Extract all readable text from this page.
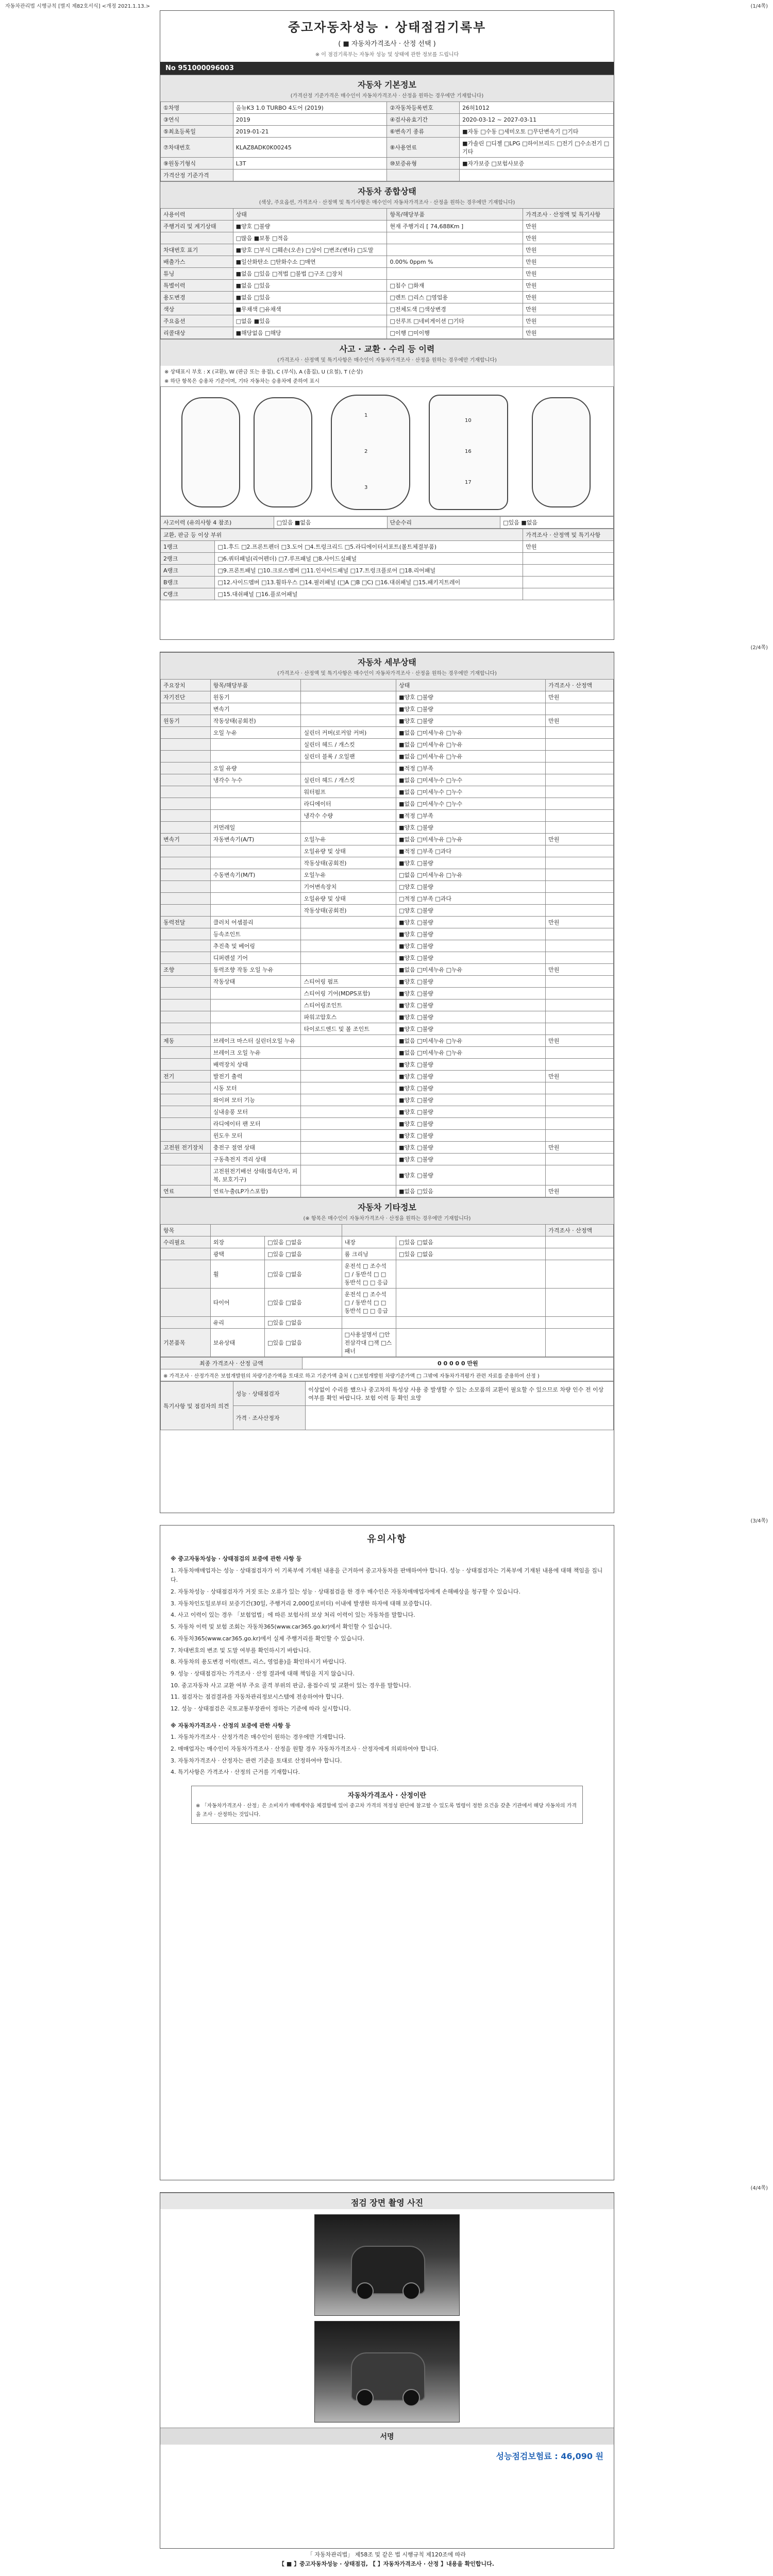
자동차관리법 시행규칙 [별지 제82호서식] <개정 2021.1.13.>	(1/4쪽)
중고자동차성능 · 상태점검기록부
( ■ 자동차가격조사 · 산정 선택 )
※ 이 점검기록부는 자동차 성능 및 상태에 관한 정보를 드립니다
No 951000096003
자동차 기본정보
(가격산정 기준가격은 매수인이 자동차가격조사 · 산정을 원하는 경우에만 기재합니다)
①차명	올뉴K3 1.0 TURBO 4도어 (2019)	②자동차등록번호	26허1012
③연식	2019	④검사유효기간	2020-03-12 ~ 2027-03-11
⑤최초등록일	2019-01-21	⑥변속기 종류	■자동 □수동 □세미오토 □무단변속기 □기타
⑦차대번호	KLAZ8ADK0K00245	⑧사용연료	■가솔린 □디젤 □LPG □하이브리드 □전기 □수소전기 □기타
⑨원동기형식	L3T	⑩보증유형	■자가보증 □보험사보증
가격산정 기준가격			
자동차 종합상태
(색상, 주요옵션, 가격조사 · 산정액 및 특기사항은 매수인이 자동차가격조사 · 산정을 원하는 경우에만 기재합니다)
사용이력	상태	항목/해당부품	가격조사 · 산정액 및 특기사항
주행거리 및 계기상태	■양호 □불량	현재 주행거리 [ 74,688Km ]	만원
	□많음 ■보통 □적음		만원
차대번호 표기	■양호 □부식 □훼손(오손) □상이 □변조(변타) □도말		만원
배출가스	■일산화탄소 □탄화수소 □매연	0.00% 0ppm %	만원
튜닝	■없음 □있음 □적법 □불법 □구조 □장치		만원
특별이력	■없음 □있음	□침수 □화재	만원
용도변경	■없음 □있음	□렌트 □리스 □영업용	만원
색상	■무채색 □유채색	□전체도색 □색상변경	만원
주요옵션	□없음 ■있음	□선루프 □네비게이션 □기타	만원
리콜대상	■해당없음 □해당	□이행 □미이행	만원
사고 · 교환 · 수리 등 이력
(가격조사 · 산정액 및 특기사항은 매수인이 자동차가격조사 · 산정을 원하는 경우에만 기재합니다)
※ 상태표시 부호 : X (교환), W (판금 또는 용접), C (부식), A (흠집), U (요철), T (손상)
※ 하단 항목은 승용차 기준이며, 기타 자동차는 승용차에 준하여 표시
1
2
3
10
16
17
사고이력 (유의사항 4 참조)	□있음 ■없음	단순수리	□있음 ■없음
교환, 판금 등 이상 부위		가격조사 · 산정액 및 특기사항
1랭크	□1.후드 □2.프론트펜더 □3.도어 □4.트렁크리드 □5.라디에이터서포트(볼트체결부품)	만원
2랭크	□6.쿼터패널(리어펜더) □7.루프패널 □8.사이드실패널	
A랭크	□9.프론트패널 □10.크로스멤버 □11.인사이드패널 □17.트렁크플로어 □18.리어패널	
B랭크	□12.사이드멤버 □13.휠하우스 □14.필러패널 (□A □B □C) □16.대쉬패널 □15.패키지트레이	
C랭크	□15.대쉬패널 □16.플로어패널	
(2/4쪽)
자동차 세부상태
(가격조사 · 산정액 및 특기사항은 매수인이 자동차가격조사 · 산정을 원하는 경우에만 기재합니다)
주요장치	항목/해당부품		상태	가격조사 · 산정액
자기진단	원동기		■양호 □불량	만원
	변속기		■양호 □불량	
원동기	작동상태(공회전)		■양호 □불량	만원
	오일 누유	실린더 커버(로커암 커버)	■없음 □미세누유 □누유	
		실린더 헤드 / 개스킷	■없음 □미세누유 □누유	
		실린더 블록 / 오일팬	■없음 □미세누유 □누유	
	오일 유량		■적정 □부족	
	냉각수 누수	실린더 헤드 / 개스킷	■없음 □미세누수 □누수	
		워터펌프	■없음 □미세누수 □누수	
		라디에이터	■없음 □미세누수 □누수	
		냉각수 수량	■적정 □부족	
	커먼레일		■양호 □불량	
변속기	자동변속기(A/T)	오일누유	■없음 □미세누유 □누유	만원
		오일유량 및 상태	■적정 □부족 □과다	
		작동상태(공회전)	■양호 □불량	
	수동변속기(M/T)	오일누유	□없음 □미세누유 □누유	
		기어변속장치	□양호 □불량	
		오일유량 및 상태	□적정 □부족 □과다	
		작동상태(공회전)	□양호 □불량	
동력전달	클러치 어셈블리		■양호 □불량	만원
	등속조인트		■양호 □불량	
	추진축 및 베어링		■양호 □불량	
	디퍼렌셜 기어		■양호 □불량	
조향	동력조향 작동 오일 누유		■없음 □미세누유 □누유	만원
	작동상태	스티어링 펌프	■양호 □불량	
		스티어링 기어(MDPS포함)	■양호 □불량	
		스티어링조인트	■양호 □불량	
		파워고압호스	■양호 □불량	
		타이로드엔드 및 볼 조인트	■양호 □불량	
제동	브레이크 마스터 실린더오일 누유		■없음 □미세누유 □누유	만원
	브레이크 오일 누유		■없음 □미세누유 □누유	
	배력장치 상태		■양호 □불량	
전기	발전기 출력		■양호 □불량	만원
	시동 모터		■양호 □불량	
	와이퍼 모터 기능		■양호 □불량	
	실내송풍 모터		■양호 □불량	
	라디에이터 팬 모터		■양호 □불량	
	윈도우 모터		■양호 □불량	
고전원 전기장치	충전구 절연 상태		■양호 □불량	만원
	구동축전지 격리 상태		■양호 □불량	
	고전원전기배선 상태(접속단자, 피복, 보호기구)		■양호 □불량	
연료	연료누출(LP가스포함)		■없음 □있음	만원
자동차 기타정보
(※ 항목은 매수인이 자동차가격조사 · 산정을 원하는 경우에만 기재합니다)
항목					가격조사 · 산정액
수리필요	외장	□있음 □없음	내장	□있음 □없음	
	광택	□있음 □없음	룸 크리닝	□있음 □없음	
	휠	□있음 □없음	운전석 □ 조수석 □ / 동반석 □ □ 동반석 □ □ 응급		
	타이어	□있음 □없음	운전석 □ 조수석 □ / 동반석 □ □ 동반석 □ □ 응급		
	유리	□있음 □없음			
기본품목	보유상태	□있음 □없음	□사용설명서 □안전삼각대 □잭 □스패너		
최종 가격조사 · 산정 금액	0 0 0 0 0 만원
※ 가격조사 · 산정가격은 보험개발원의 차량기준가액을 토대로 하고 기준가액 출처 ( □보험개발원 차량기준가액 □ 그밖에 자동차가격평가 관련 자료를 준용하여 산정 )
특기사항 및 점검자의 의견	성능 · 상태점검자	이상없이 수리를 했으나 중고차의 특성상 사용 중 발생할 수 있는 소모품의 교환이 필요할 수 있으므로 차량 인수 전 이상 여부를 확인 바랍니다. 보험 이력 등 확인 요망
	가격 · 조사산정자	
(3/4쪽)
유의사항

※ 중고자동차성능 · 상태점검의 보증에 관한 사항 등

1. 자동차매매업자는 성능 · 상태점검자가 이 기록부에 기재된 내용을 근거하여 중고자동차를 판매하여야 합니다. 성능 · 상태점검자는 기록부에 기재된 내용에 대해 책임을 집니다.

2. 자동차성능 · 상태점검자가 거짓 또는 오류가 있는 성능 · 상태점검을 한 경우 매수인은 자동차매매업자에게 손해배상을 청구할 수 있습니다.

3. 자동차인도일로부터 보증기간(30일, 주행거리 2,000킬로미터) 이내에 발생한 하자에 대해 보증합니다.

4. 사고 이력이 있는 경우 「보험업법」에 따른 보험사의 보상 처리 이력이 있는 자동차를 말합니다.

5. 자동차 이력 및 보험 조회는 자동차365(www.car365.go.kr)에서 확인할 수 있습니다.

6. 자동차365(www.car365.go.kr)에서 실제 주행거리를 확인할 수 있습니다.

7. 차대번호의 변조 및 도말 여부를 확인하시기 바랍니다.

8. 자동차의 용도변경 이력(렌트, 리스, 영업용)을 확인하시기 바랍니다.

9. 성능 · 상태점검자는 가격조사 · 산정 결과에 대해 책임을 지지 않습니다.

10. 중고자동차 사고 교환 여부 주요 골격 부위의 판금, 용접수리 및 교환이 있는 경우를 말합니다.

11. 점검자는 점검결과를 자동차관리정보시스템에 전송하여야 합니다.

12. 성능 · 상태점검은 국토교통부장관이 정하는 기준에 따라 실시합니다.

※ 자동차가격조사 · 산정의 보증에 관한 사항 등

1. 자동차가격조사 · 산정가격은 매수인이 원하는 경우에만 기재합니다.

2. 매매업자는 매수인이 자동차가격조사 · 산정을 원할 경우 자동차가격조사 · 산정자에게 의뢰하여야 합니다.

3. 자동차가격조사 · 산정자는 관련 기준을 토대로 산정하여야 합니다.

4. 특기사항은 가격조사 · 산정의 근거를 기재합니다.

자동차가격조사 · 산정이란
※ 「자동차가격조사 · 산정」은 소비자가 매매계약을 체결함에 있어 중고차 가격의 적정성 판단에 참고할 수 있도록 법령이 정한 요건을 갖춘 기관에서 해당 자동차의 가격을 조사 · 산정하는 것입니다.
(4/4쪽)
점검 장면 촬영 사진
서명
성능점검보험료 : 46,090 원
「 자동차관리법」 제58조 및 같은 법 시행규칙 제120조에 따라
【 ■ 】중고자동차성능 · 상태점검, 【 】자동차가격조사 · 산정 】내용을 확인합니다.
